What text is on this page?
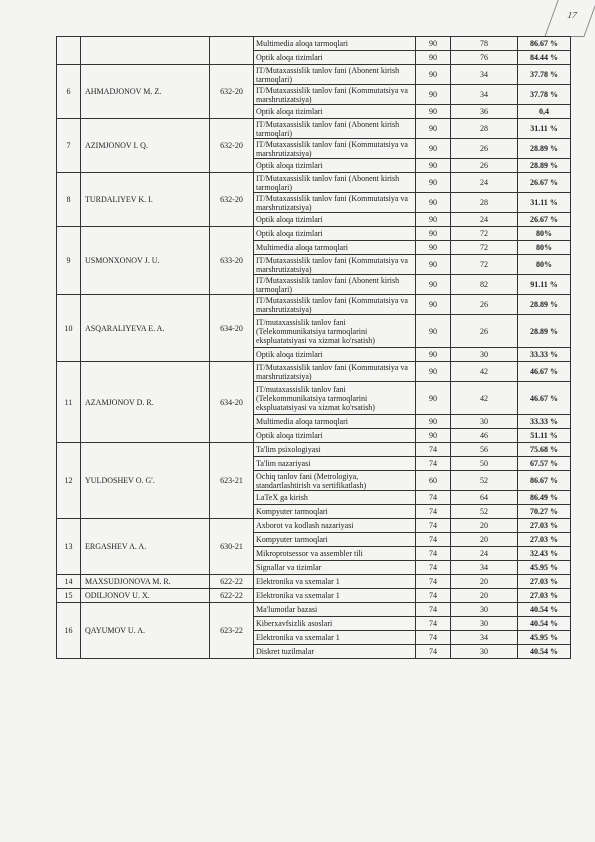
17
			Multimedia aloqa tarmoqlari	90	78	86.67 %
			Optik aloqa tizimlari	90	76	84.44 %
6	AHMADJONOV M. Z.	632-20	IT/Mutaxassislik tanlov fani (Abonent kirish tarmoqlari)	90	34	37.78 %
			IT/Mutaxassislik tanlov fani (Kommutatsiya va marshrutizatsiya)	90	34	37.78 %
			Optik aloqa tizimlari	90	36	0,4
7	AZIMJONOV I. Q.	632-20	IT/Mutaxassislik tanlov fani (Abonent kirish tarmoqlari)	90	28	31.11 %
			IT/Mutaxassislik tanlov fani (Kommutatsiya va marshrutizatsiya)	90	26	28.89 %
			Optik aloqa tizimlari	90	26	28.89 %
8	TURDALIYEV K. I.	632-20	IT/Mutaxassislik tanlov fani (Abonent kirish tarmoqlari)	90	24	26.67 %
			IT/Mutaxassislik tanlov fani (Kommutatsiya va marshrutizatsiya)	90	28	31.11 %
			Optik aloqa tizimlari	90	24	26.67 %
9	USMONXONOV J. U.	633-20	Optik aloqa tizimlari	90	72	80%
			Multimedia aloqa tarmoqlari	90	72	80%
			IT/Mutaxassislik tanlov fani (Kommutatsiya va marshrutizatsiya)	90	72	80%
			IT/Mutaxassislik tanlov fani (Abonent kirish tarmoqlari)	90	82	91.11 %
10	ASQARALIYEVA E. A.	634-20	IT/Mutaxassislik tanlov fani (Kommutatsiya va marshrutizatsiya)	90	26	28.89 %
			IT/mutaxassislik tanlov fani (Telekommunikatsiya tarmoqlarini ekspluatatsiyasi va xizmat ko'rsatish)	90	26	28.89 %
			Optik aloqa tizimlari	90	30	33.33 %
11	AZAMJONOV D. R.	634-20	IT/Mutaxassislik tanlov fani (Kommutatsiya va marshrutizatsiya)	90	42	46.67 %
			IT/mutaxassislik tanlov fani (Telekommunikatsiya tarmoqlarini ekspluatatsiyasi va xizmat ko'rsatish)	90	42	46.67 %
			Multimedia aloqa tarmoqlari	90	30	33.33 %
			Optik aloqa tizimlari	90	46	51.11 %
12	YULDOSHEV O. G'.	623-21	Ta'lim psixologiyasi	74	56	75.68 %
			Ta'lim nazariyasi	74	50	67.57 %
			Ochiq tanlov fani (Metrologiya, standartlashtirish va sertifikatlash)	60	52	86.67 %
			LaTeX ga kirish	74	64	86.49 %
			Kompyuter tarmoqlari	74	52	70.27 %
13	ERGASHEV A. A.	630-21	Axborot va kodlash nazariyasi	74	20	27.03 %
			Kompyuter tarmoqlari	74	20	27.03 %
			Mikroprotsessor va assembler tili	74	24	32.43 %
			Signallar va tizimlar	74	34	45.95 %
14	MAXSUDJONOVA M. R.	622-22	Elektronika va sxemalar 1	74	20	27.03 %
15	ODILJONOV U. X.	622-22	Elektronika va sxemalar 1	74	20	27.03 %
16	QAYUMOV U. A.	623-22	Ma'lumotlar bazasi	74	30	40.54 %
			Kiberxavfsizlik asoslari	74	30	40.54 %
			Elektronika va sxemalar 1	74	34	45.95 %
			Diskret tuzilmalar	74	30	40.54 %
